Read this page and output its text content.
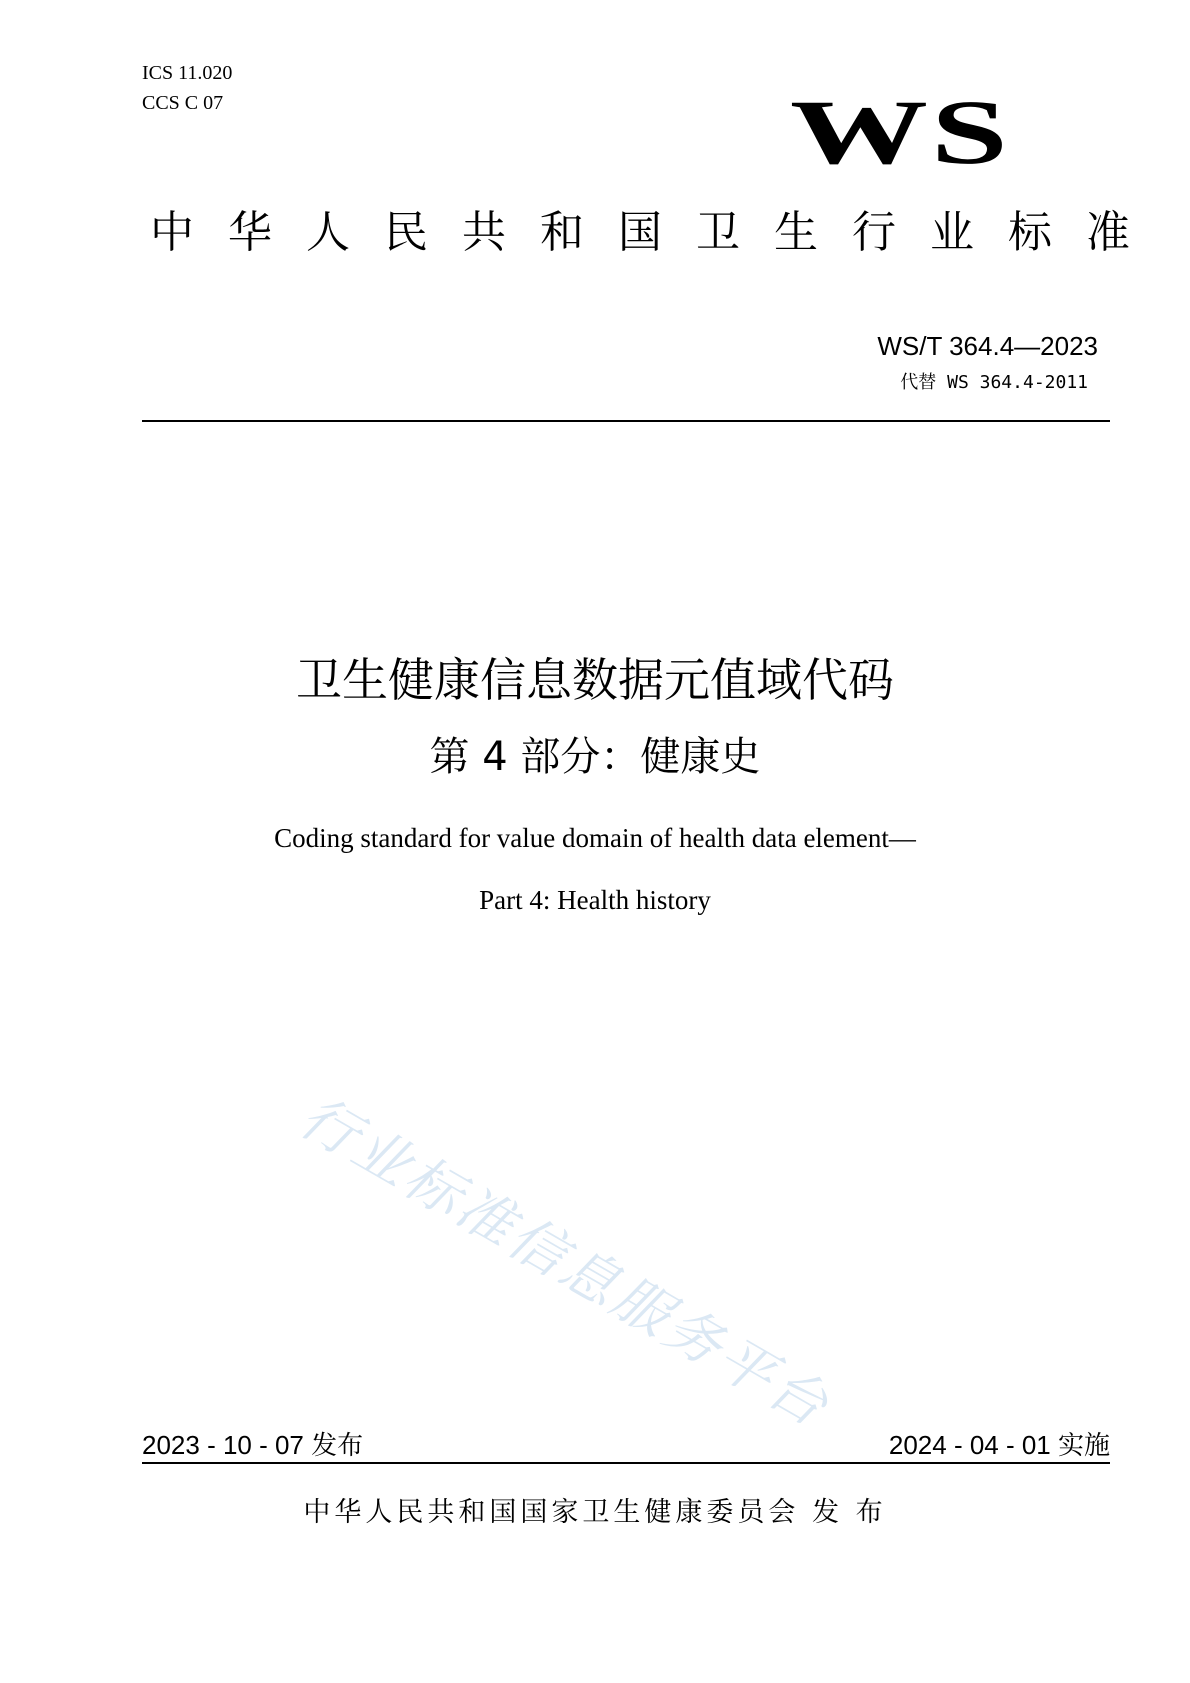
ICS 11.020
CCS C 07	WS
中华人民共和国卫生行业标准
WS/T 364.4—2023
代替 WS 364.4-2011
卫生健康信息数据元值域代码
第 4 部分：健康史
Coding standard for value domain of health data element—
Part 4: Health history
行业标准信息服务平台
2023 - 10 - 07 发布	2024 - 04 - 01 实施
中华人民共和国国家卫生健康委员会 发 布
